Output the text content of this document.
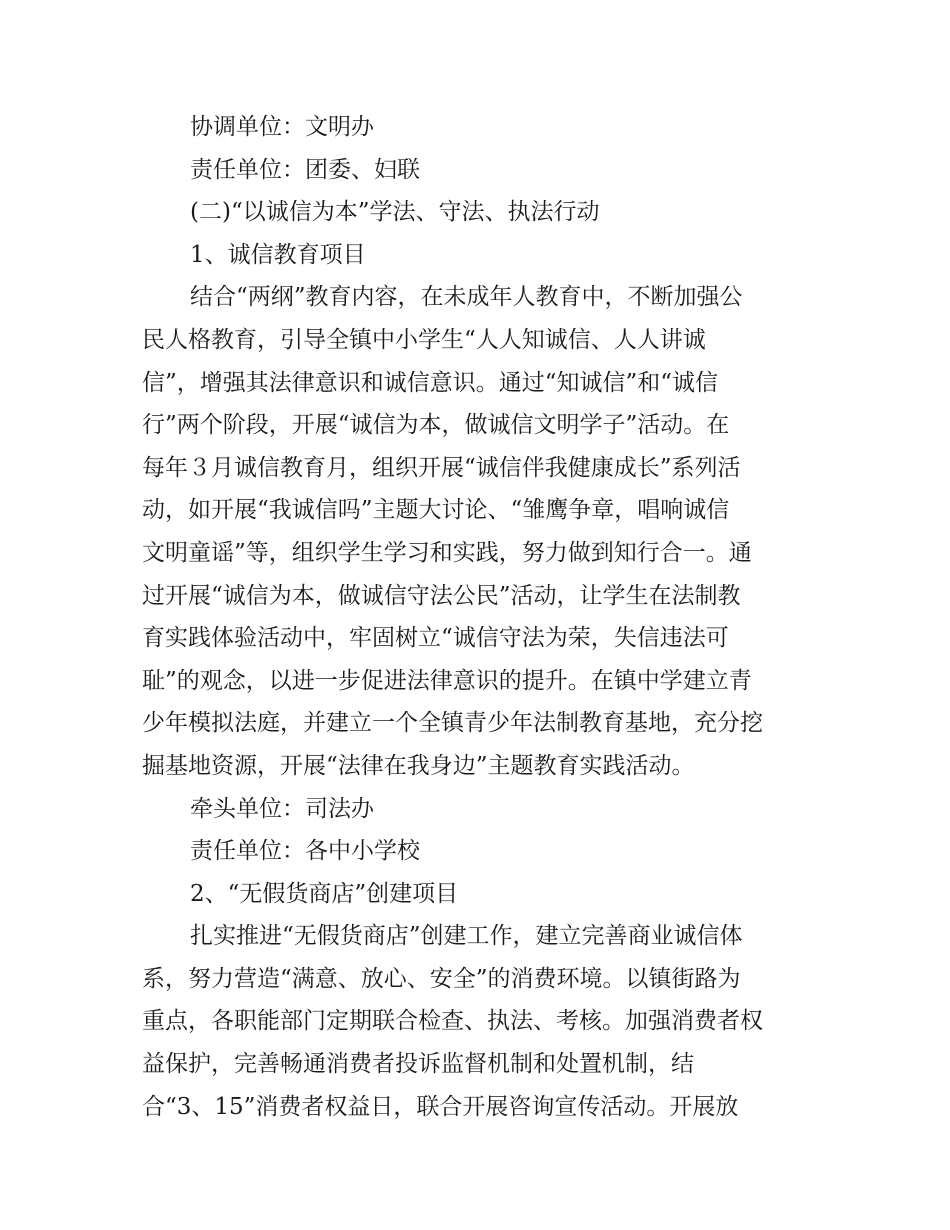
协调单位：文明办
责任单位：团委、妇联
(二)“以诚信为本”学法、守法、执法行动
1、诚信教育项目
结合“两纲”教育内容，在未成年人教育中，不断加强公
民人格教育，引导全镇中小学生“人人知诚信、人人讲诚
信”，增强其法律意识和诚信意识。通过“知诚信”和“诚信
行”两个阶段，开展“诚信为本，做诚信文明学子”活动。在
每年３月诚信教育月，组织开展“诚信伴我健康成长”系列活
动，如开展“我诚信吗”主题大讨论、“雏鹰争章，唱响诚信
文明童谣”等，组织学生学习和实践，努力做到知行合一。通
过开展“诚信为本，做诚信守法公民”活动，让学生在法制教
育实践体验活动中，牢固树立“诚信守法为荣，失信违法可
耻”的观念，以进一步促进法律意识的提升。在镇中学建立青
少年模拟法庭，并建立一个全镇青少年法制教育基地，充分挖
掘基地资源，开展“法律在我身边”主题教育实践活动。
牵头单位：司法办
责任单位：各中小学校
2、“无假货商店”创建项目
扎实推进“无假货商店”创建工作，建立完善商业诚信体
系，努力营造“满意、放心、安全”的消费环境。以镇街路为
重点，各职能部门定期联合检查、执法、考核。加强消费者权
益保护，完善畅通消费者投诉监督机制和处置机制，结
合“3、15”消费者权益日，联合开展咨询宣传活动。开展放
